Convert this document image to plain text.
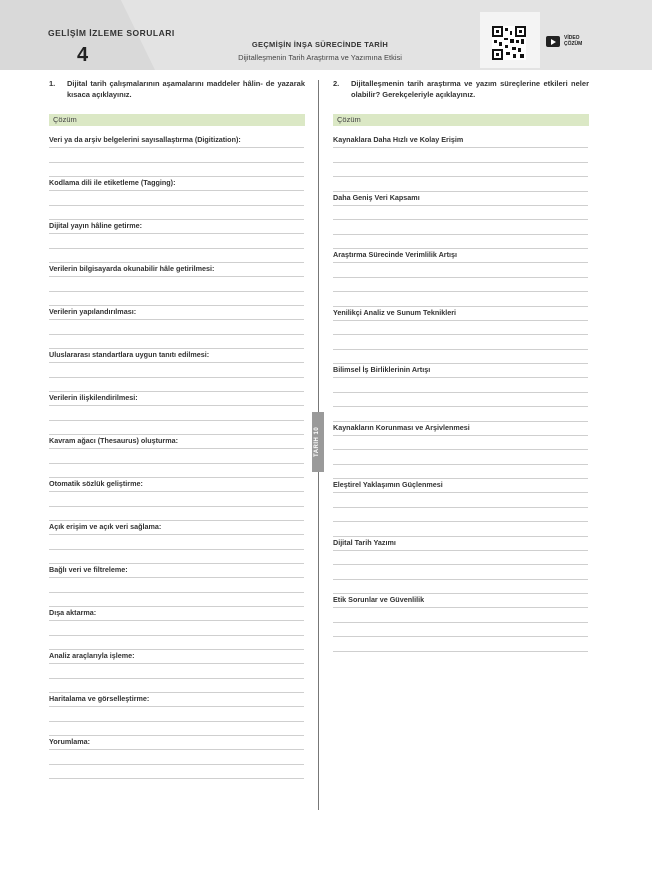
GELİŞİM İZLEME SORULARI
4	GEÇMİŞİN İNŞA SÜRECİNDE TARİH
Dijitalleşmenin Tarih Araştırma ve Yazımına Etkisi
VİDEO
ÇÖZÜM
1. Dijital tarih çalışmalarının aşamalarını maddeler hâlin- de yazarak kısaca açıklayınız.
2. Dijitalleşmenin tarih araştırma ve yazım süreçlerine etkileri neler olabilir? Gerekçeleriyle açıklayınız.
Çözüm	Çözüm
Veri ya da arşiv belgelerini sayısallaştırma (Digitization):
Kodlama dili ile etiketleme (Tagging):
Dijital yayın hâline getirme:
Verilerin bilgisayarda okunabilir hâle getirilmesi:
Verilerin yapılandırılması:
Uluslararası standartlara uygun tanıtı edilmesi:
Verilerin ilişkilendirilmesi:
Kavram ağacı (Thesaurus) oluşturma:
Otomatik sözlük geliştirme:
Açık erişim ve açık veri sağlama:
Bağlı veri ve filtreleme:
Dışa aktarma:
Analiz araçlarıyla işleme:
Haritalama ve görselleştirme:
Yorumlama:
Kaynaklara Daha Hızlı ve Kolay Erişim
Daha Geniş Veri Kapsamı
Araştırma Sürecinde Verimlilik Artışı
Yenilikçi Analiz ve Sunum Teknikleri
Bilimsel İş Birliklerinin Artışı
Kaynakların Korunması ve Arşivlenmesi
Eleştirel Yaklaşımın Güçlenmesi
Dijital Tarih Yazımı
Etik Sorunlar ve Güvenlilik
TARİH 10
